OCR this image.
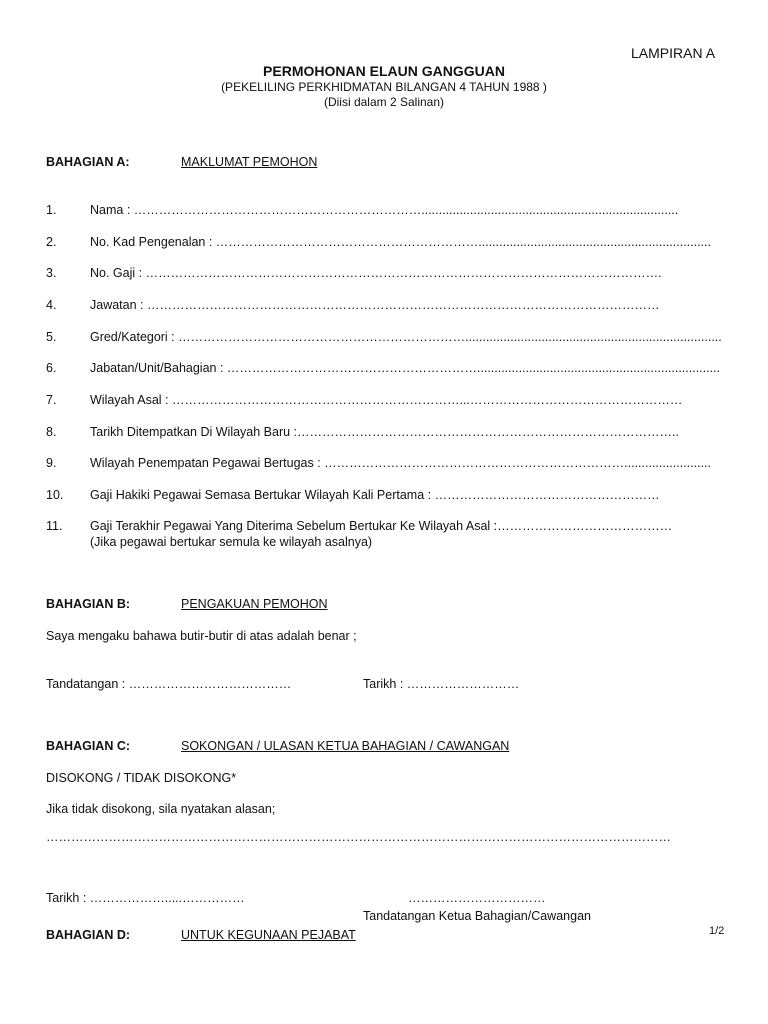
LAMPIRAN A
PERMOHONAN ELAUN GANGGUAN
(PEKELILING PERKHIDMATAN BILANGAN 4 TAHUN 1988 )
(Diisi dalam 2 Salinan)
BAHAGIAN A:	MAKLUMAT PEMOHON
1.	Nama : ……………………………………………………………..........................................................................
2.	No. Kad Pengenalan : ………………………………………………………...................................................................
3.	No. Gaji : …………………………………………………………………………………………………………….
4.	Jawatan : ……………………………………………………………………………………………………………
5.	Gred/Kategori : ……………………………………………………………..........................................................................
6.	Jabatan/Unit/Bahagian : ……………………………………………………......................................................................
7.	Wilayah Asal : ……………………………………………………………...……………………………………………
8.	Tarikh Ditempatkan Di Wilayah Baru :………………………………………………………………………………..
9.	Wilayah Penempatan Pegawai Bertugas : ……………………………………………………………….........................
10. Gaji Hakiki Pegawai Semasa Bertukar Wilayah Kali Pertama : ………………………………………………
11. Gaji Terakhir Pegawai Yang Diterima Sebelum Bertukar Ke Wilayah Asal :……………………………………
(Jika pegawai bertukar semula ke wilayah asalnya)
BAHAGIAN B:	PENGAKUAN PEMOHON
Saya mengaku bahawa butir-butir di atas adalah benar ;
Tandatangan : …………………………………	Tarikh : ………………………
BAHAGIAN C:	SOKONGAN / ULASAN KETUA BAHAGIAN / CAWANGAN
DISOKONG / TIDAK DISOKONG*
Jika tidak disokong, sila nyatakan alasan;
……………………………………………………………………………………………………………………………………
Tarikh : ……………….....……………	……………………………
Tandatangan Ketua Bahagian/Cawangan
BAHAGIAN D:	UNTUK KEGUNAAN PEJABAT	1/2
